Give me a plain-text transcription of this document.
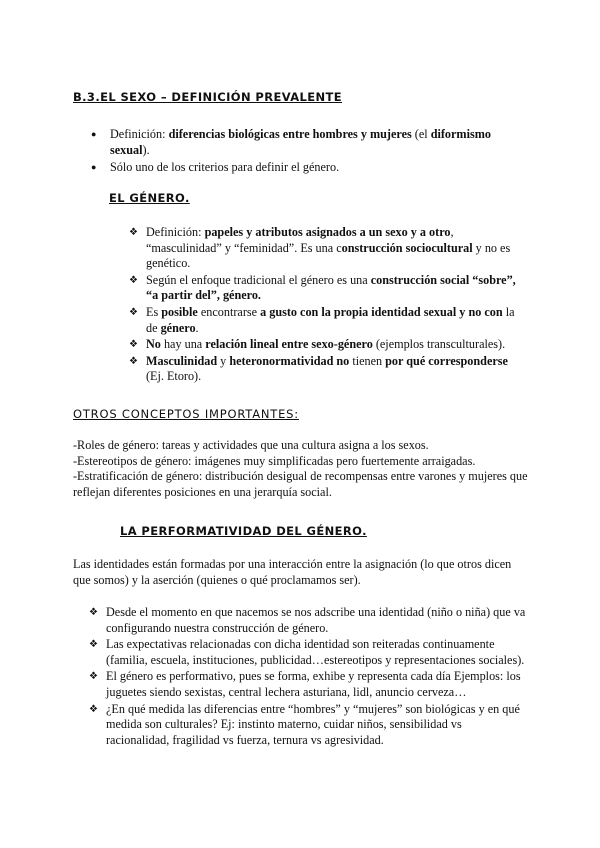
B.3.EL SEXO – DEFINICIÓN PREVALENTE
● Definición: diferencias biológicas entre hombres y mujeres (el diformismo sexual).
● Sólo uno de los criterios para definir el género.
EL GÉNERO.
❖ Definición: papeles y atributos asignados a un sexo y a otro, “masculinidad” y “feminidad”. Es una construcción sociocultural y no es genético.
❖ Según el enfoque tradicional el género es una construcción social “sobre”, “a partir del”, género.
❖ Es posible encontrarse a gusto con la propia identidad sexual y no con la de género.
❖ No hay una relación lineal entre sexo-género (ejemplos transculturales).
❖ Masculinidad y heteronormatividad no tienen por qué corresponderse (Ej. Etoro).
OTROS CONCEPTOS IMPORTANTES:
-Roles de género: tareas y actividades que una cultura asigna a los sexos.
-Estereotipos de género: imágenes muy simplificadas pero fuertemente arraigadas.
-Estratificación de género: distribución desigual de recompensas entre varones y mujeres que reflejan diferentes posiciones en una jerarquía social.
LA PERFORMATIVIDAD DEL GÉNERO.
Las identidades están formadas por una interacción entre la asignación (lo que otros dicen que somos) y la aserción (quienes o qué proclamamos ser).
❖ Desde el momento en que nacemos se nos adscribe una identidad (niño o niña) que va configurando nuestra construcción de género.
❖ Las expectativas relacionadas con dicha identidad son reiteradas continuamente (familia, escuela, instituciones, publicidad…estereotipos y representaciones sociales).
❖ El género es performativo, pues se forma, exhibe y representa cada día Ejemplos: los juguetes siendo sexistas, central lechera asturiana, lidl, anuncio cerveza…
❖ ¿En qué medida las diferencias entre “hombres” y “mujeres” son biológicas y en qué medida son culturales? Ej: instinto materno, cuidar niños, sensibilidad vs racionalidad, fragilidad vs fuerza, ternura vs agresividad.
